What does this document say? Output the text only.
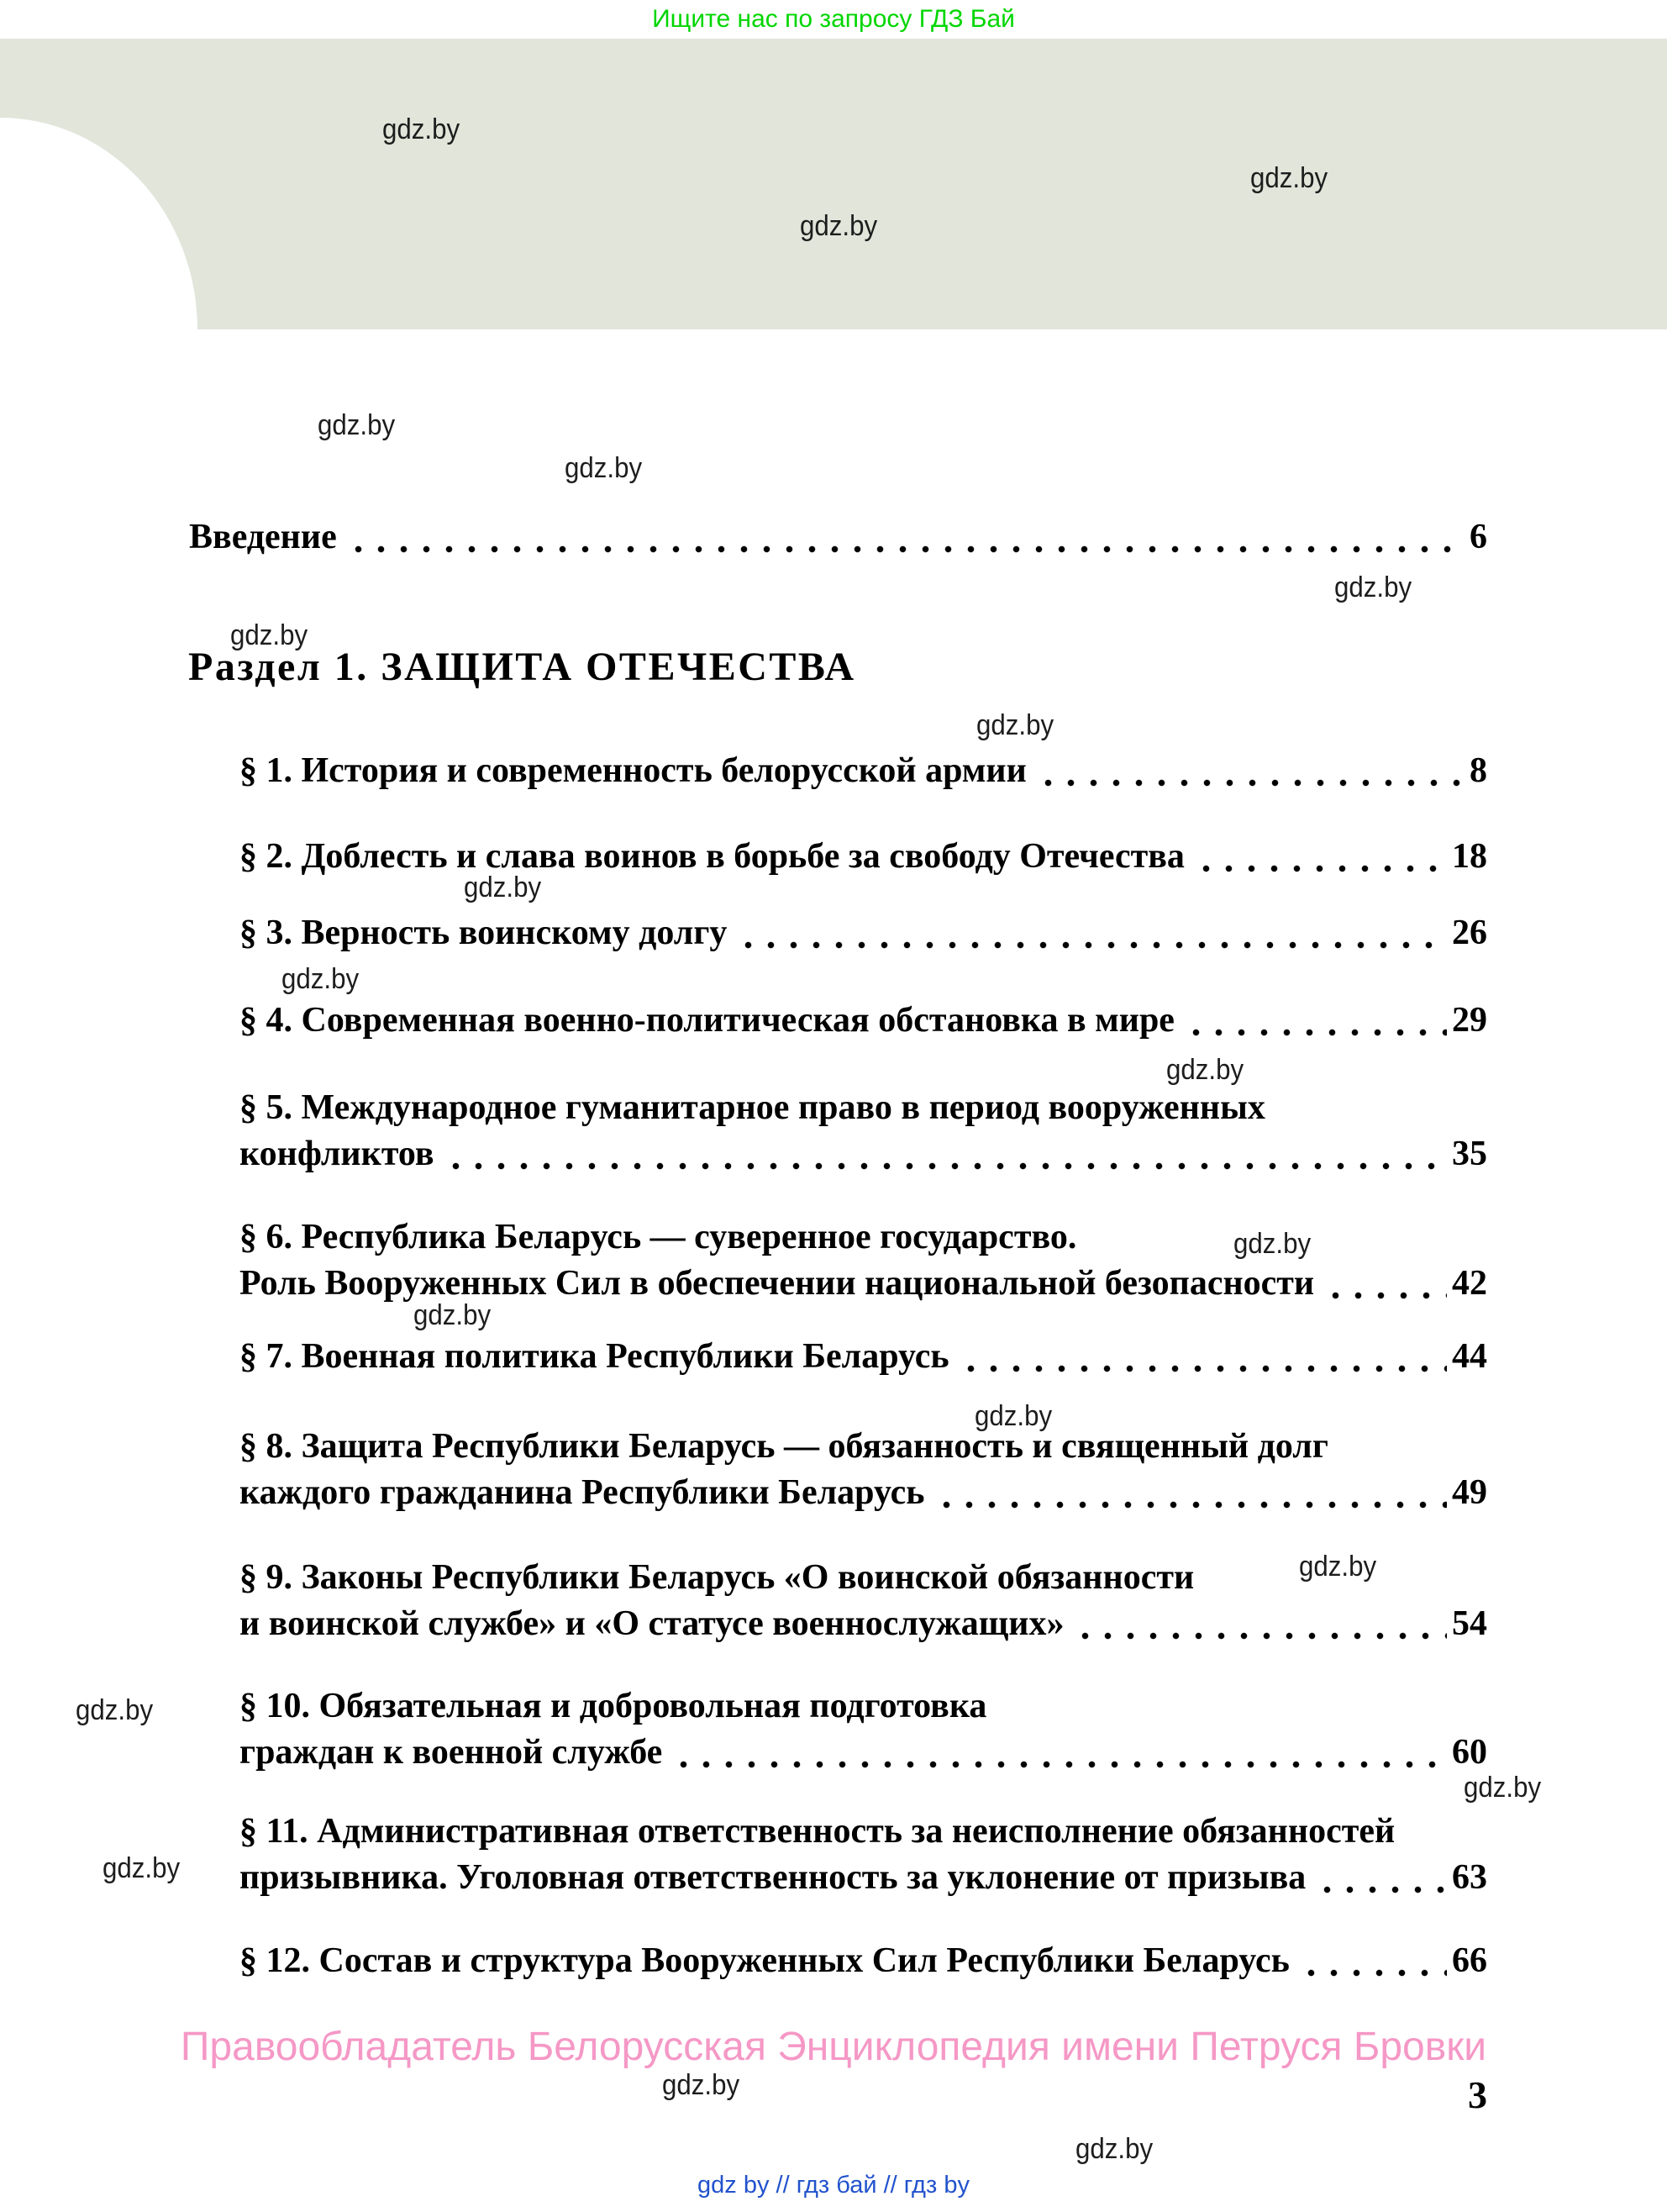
Ищите нас по запросу ГДЗ Бай
gdz.by
gdz.by
gdz.by
gdz.by
gdz.by
gdz.by
gdz.by
gdz.by
gdz.by
gdz.by
gdz.by
gdz.by
gdz.by
gdz.by
gdz.by
gdz.by
gdz.by
gdz.by
gdz.by
gdz.by
Введение	6
Раздел 1. ЗАЩИТА ОТЕЧЕСТВА
§ 1. История и современность белорусской армии	8
§ 2. Доблесть и слава воинов в борьбе за свободу Отечества	18
§ 3. Верность воинскому долгу	26
§ 4. Современная военно-политическая обстановка в мире	29
§ 5. Международное гуманитарное право в период вооруженных
конфликтов	35
§ 6. Республика Беларусь — суверенное государство.
Роль Вооруженных Сил в обеспечении национальной безопасности	42
§ 7. Военная политика Республики Беларусь	44
§ 8. Защита Республики Беларусь — обязанность и священный долг
каждого гражданина Республики Беларусь	49
§ 9. Законы Республики Беларусь «О воинской обязанности
и воинской службе» и «О статусе военнослужащих»	54
§ 10. Обязательная и добровольная подготовка
граждан к военной службе	60
§ 11. Административная ответственность за неисполнение обязанностей
призывника. Уголовная ответственность за уклонение от призыва	63
§ 12. Состав и структура Вооруженных Сил Республики Беларусь	66
Правообладатель Белорусская Энциклопедия имени Петруся Бровки
3
gdz by // гдз бай // гдз by
